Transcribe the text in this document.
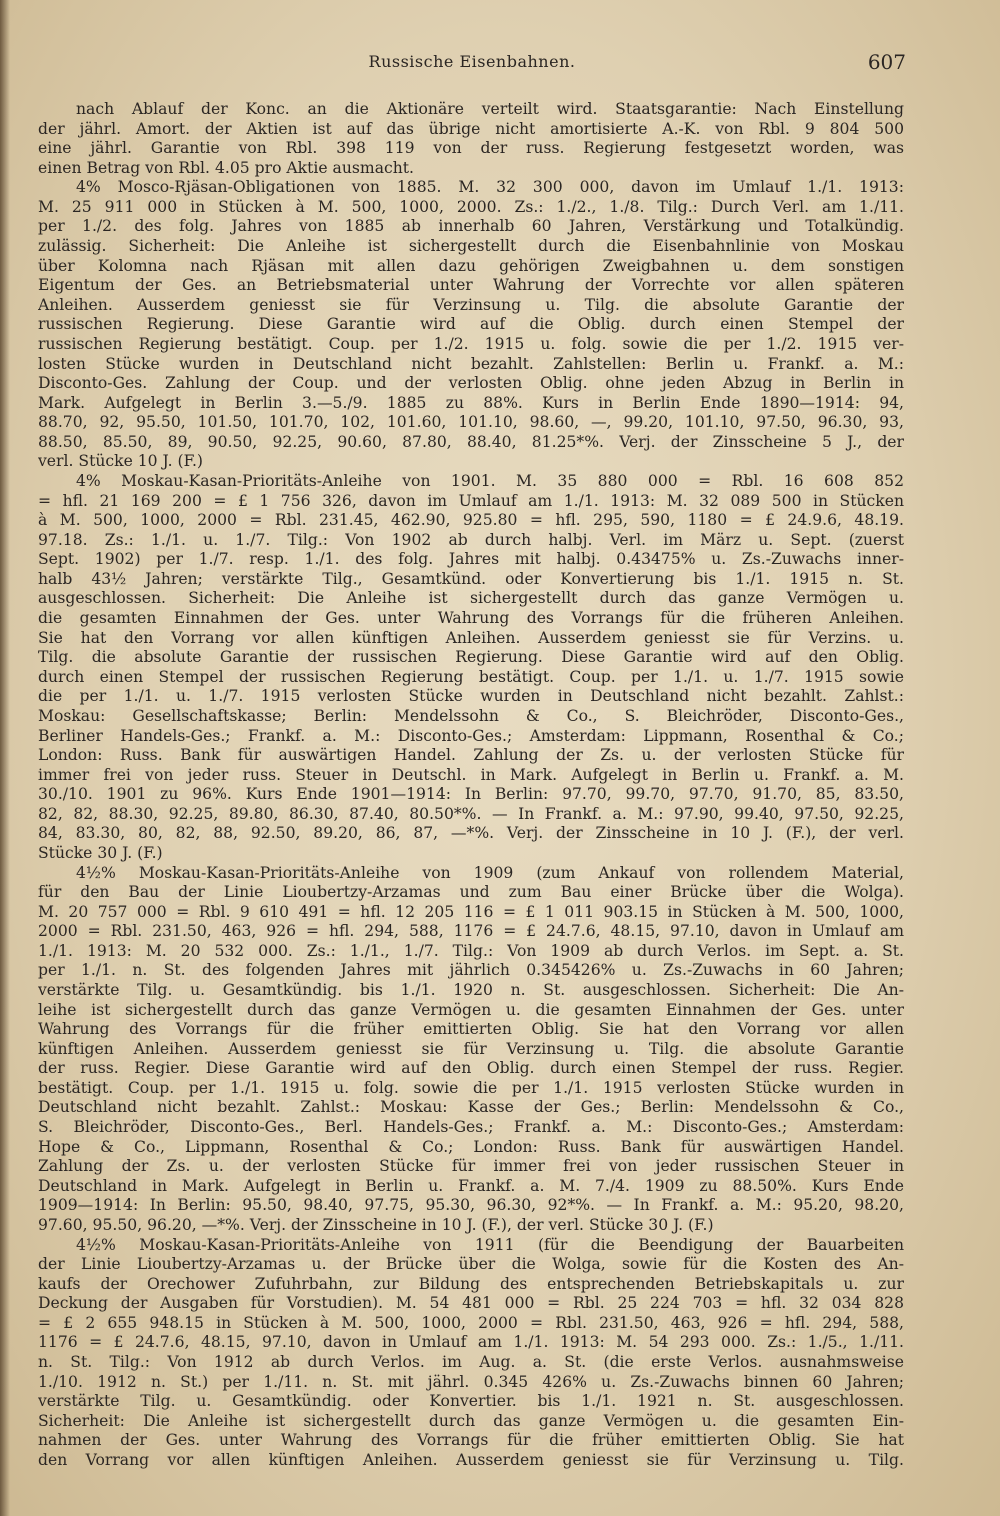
Russische Eisenbahnen.	607
nach Ablauf der Konc. an die Aktionäre verteilt wird. Staatsgarantie: Nach Einstellung
der jährl. Amort. der Aktien ist auf das übrige nicht amortisierte A.-K. von Rbl. 9 804 500
eine jährl. Garantie von Rbl. 398 119 von der russ. Regierung festgesetzt worden, was
einen Betrag von Rbl. 4.05 pro Aktie ausmacht.
4% Mosco-Rjäsan-Obligationen von 1885. M. 32 300 000, davon im Umlauf 1./1. 1913:
M. 25 911 000 in Stücken à M. 500, 1000, 2000. Zs.: 1./2., 1./8. Tilg.: Durch Verl. am 1./11.
per 1./2. des folg. Jahres von 1885 ab innerhalb 60 Jahren, Verstärkung und Totalkündig.
zulässig. Sicherheit: Die Anleihe ist sichergestellt durch die Eisenbahnlinie von Moskau
über Kolomna nach Rjäsan mit allen dazu gehörigen Zweigbahnen u. dem sonstigen
Eigentum der Ges. an Betriebsmaterial unter Wahrung der Vorrechte vor allen späteren
Anleihen. Ausserdem geniesst sie für Verzinsung u. Tilg. die absolute Garantie der
russischen Regierung. Diese Garantie wird auf die Oblig. durch einen Stempel der
russischen Regierung bestätigt. Coup. per 1./2. 1915 u. folg. sowie die per 1./2. 1915 ver-
losten Stücke wurden in Deutschland nicht bezahlt. Zahlstellen: Berlin u. Frankf. a. M.:
Disconto-Ges. Zahlung der Coup. und der verlosten Oblig. ohne jeden Abzug in Berlin in
Mark. Aufgelegt in Berlin 3.—5./9. 1885 zu 88%. Kurs in Berlin Ende 1890—1914: 94,
88.70, 92, 95.50, 101.50, 101.70, 102, 101.60, 101.10, 98.60, —, 99.20, 101.10, 97.50, 96.30, 93,
88.50, 85.50, 89, 90.50, 92.25, 90.60, 87.80, 88.40, 81.25*%. Verj. der Zinsscheine 5 J., der
verl. Stücke 10 J. (F.)
4% Moskau-Kasan-Prioritäts-Anleihe von 1901. M. 35 880 000 = Rbl. 16 608 852
= hfl. 21 169 200 = £ 1 756 326, davon im Umlauf am 1./1. 1913: M. 32 089 500 in Stücken
à M. 500, 1000, 2000 = Rbl. 231.45, 462.90, 925.80 = hfl. 295, 590, 1180 = £ 24.9.6, 48.19.
97.18. Zs.: 1./1. u. 1./7. Tilg.: Von 1902 ab durch halbj. Verl. im März u. Sept. (zuerst
Sept. 1902) per 1./7. resp. 1./1. des folg. Jahres mit halbj. 0.43475% u. Zs.-Zuwachs inner-
halb 43½ Jahren; verstärkte Tilg., Gesamtkünd. oder Konvertierung bis 1./1. 1915 n. St.
ausgeschlossen. Sicherheit: Die Anleihe ist sichergestellt durch das ganze Vermögen u.
die gesamten Einnahmen der Ges. unter Wahrung des Vorrangs für die früheren Anleihen.
Sie hat den Vorrang vor allen künftigen Anleihen. Ausserdem geniesst sie für Verzins. u.
Tilg. die absolute Garantie der russischen Regierung. Diese Garantie wird auf den Oblig.
durch einen Stempel der russischen Regierung bestätigt. Coup. per 1./1. u. 1./7. 1915 sowie
die per 1./1. u. 1./7. 1915 verlosten Stücke wurden in Deutschland nicht bezahlt. Zahlst.:
Moskau: Gesellschaftskasse; Berlin: Mendelssohn & Co., S. Bleichröder, Disconto-Ges.,
Berliner Handels-Ges.; Frankf. a. M.: Disconto-Ges.; Amsterdam: Lippmann, Rosenthal & Co.;
London: Russ. Bank für auswärtigen Handel. Zahlung der Zs. u. der verlosten Stücke für
immer frei von jeder russ. Steuer in Deutschl. in Mark. Aufgelegt in Berlin u. Frankf. a. M.
30./10. 1901 zu 96%. Kurs Ende 1901—1914: In Berlin: 97.70, 99.70, 97.70, 91.70, 85, 83.50,
82, 82, 88.30, 92.25, 89.80, 86.30, 87.40, 80.50*%. — In Frankf. a. M.: 97.90, 99.40, 97.50, 92.25,
84, 83.30, 80, 82, 88, 92.50, 89.20, 86, 87, —*%. Verj. der Zinsscheine in 10 J. (F.), der verl.
Stücke 30 J. (F.)
4½% Moskau-Kasan-Prioritäts-Anleihe von 1909 (zum Ankauf von rollendem Material,
für den Bau der Linie Lioubertzy-Arzamas und zum Bau einer Brücke über die Wolga).
M. 20 757 000 = Rbl. 9 610 491 = hfl. 12 205 116 = £ 1 011 903.15 in Stücken à M. 500, 1000,
2000 = Rbl. 231.50, 463, 926 = hfl. 294, 588, 1176 = £ 24.7.6, 48.15, 97.10, davon in Umlauf am
1./1. 1913: M. 20 532 000. Zs.: 1./1., 1./7. Tilg.: Von 1909 ab durch Verlos. im Sept. a. St.
per 1./1. n. St. des folgenden Jahres mit jährlich 0.345426% u. Zs.-Zuwachs in 60 Jahren;
verstärkte Tilg. u. Gesamtkündig. bis 1./1. 1920 n. St. ausgeschlossen. Sicherheit: Die An-
leihe ist sichergestellt durch das ganze Vermögen u. die gesamten Einnahmen der Ges. unter
Wahrung des Vorrangs für die früher emittierten Oblig. Sie hat den Vorrang vor allen
künftigen Anleihen. Ausserdem geniesst sie für Verzinsung u. Tilg. die absolute Garantie
der russ. Regier. Diese Garantie wird auf den Oblig. durch einen Stempel der russ. Regier.
bestätigt. Coup. per 1./1. 1915 u. folg. sowie die per 1./1. 1915 verlosten Stücke wurden in
Deutschland nicht bezahlt. Zahlst.: Moskau: Kasse der Ges.; Berlin: Mendelssohn & Co.,
S. Bleichröder, Disconto-Ges., Berl. Handels-Ges.; Frankf. a. M.: Disconto-Ges.; Amsterdam:
Hope & Co., Lippmann, Rosenthal & Co.; London: Russ. Bank für auswärtigen Handel.
Zahlung der Zs. u. der verlosten Stücke für immer frei von jeder russischen Steuer in
Deutschland in Mark. Aufgelegt in Berlin u. Frankf. a. M. 7./4. 1909 zu 88.50%. Kurs Ende
1909—1914: In Berlin: 95.50, 98.40, 97.75, 95.30, 96.30, 92*%. — In Frankf. a. M.: 95.20, 98.20,
97.60, 95.50, 96.20, —*%. Verj. der Zinsscheine in 10 J. (F.), der verl. Stücke 30 J. (F.)
4½% Moskau-Kasan-Prioritäts-Anleihe von 1911 (für die Beendigung der Bauarbeiten
der Linie Lioubertzy-Arzamas u. der Brücke über die Wolga, sowie für die Kosten des An-
kaufs der Orechower Zufuhrbahn, zur Bildung des entsprechenden Betriebskapitals u. zur
Deckung der Ausgaben für Vorstudien). M. 54 481 000 = Rbl. 25 224 703 = hfl. 32 034 828
= £ 2 655 948.15 in Stücken à M. 500, 1000, 2000 = Rbl. 231.50, 463, 926 = hfl. 294, 588,
1176 = £ 24.7.6, 48.15, 97.10, davon in Umlauf am 1./1. 1913: M. 54 293 000. Zs.: 1./5., 1./11.
n. St. Tilg.: Von 1912 ab durch Verlos. im Aug. a. St. (die erste Verlos. ausnahmsweise
1./10. 1912 n. St.) per 1./11. n. St. mit jährl. 0.345 426% u. Zs.-Zuwachs binnen 60 Jahren;
verstärkte Tilg. u. Gesamtkündig. oder Konvertier. bis 1./1. 1921 n. St. ausgeschlossen.
Sicherheit: Die Anleihe ist sichergestellt durch das ganze Vermögen u. die gesamten Ein-
nahmen der Ges. unter Wahrung des Vorrangs für die früher emittierten Oblig. Sie hat
den Vorrang vor allen künftigen Anleihen. Ausserdem geniesst sie für Verzinsung u. Tilg.
